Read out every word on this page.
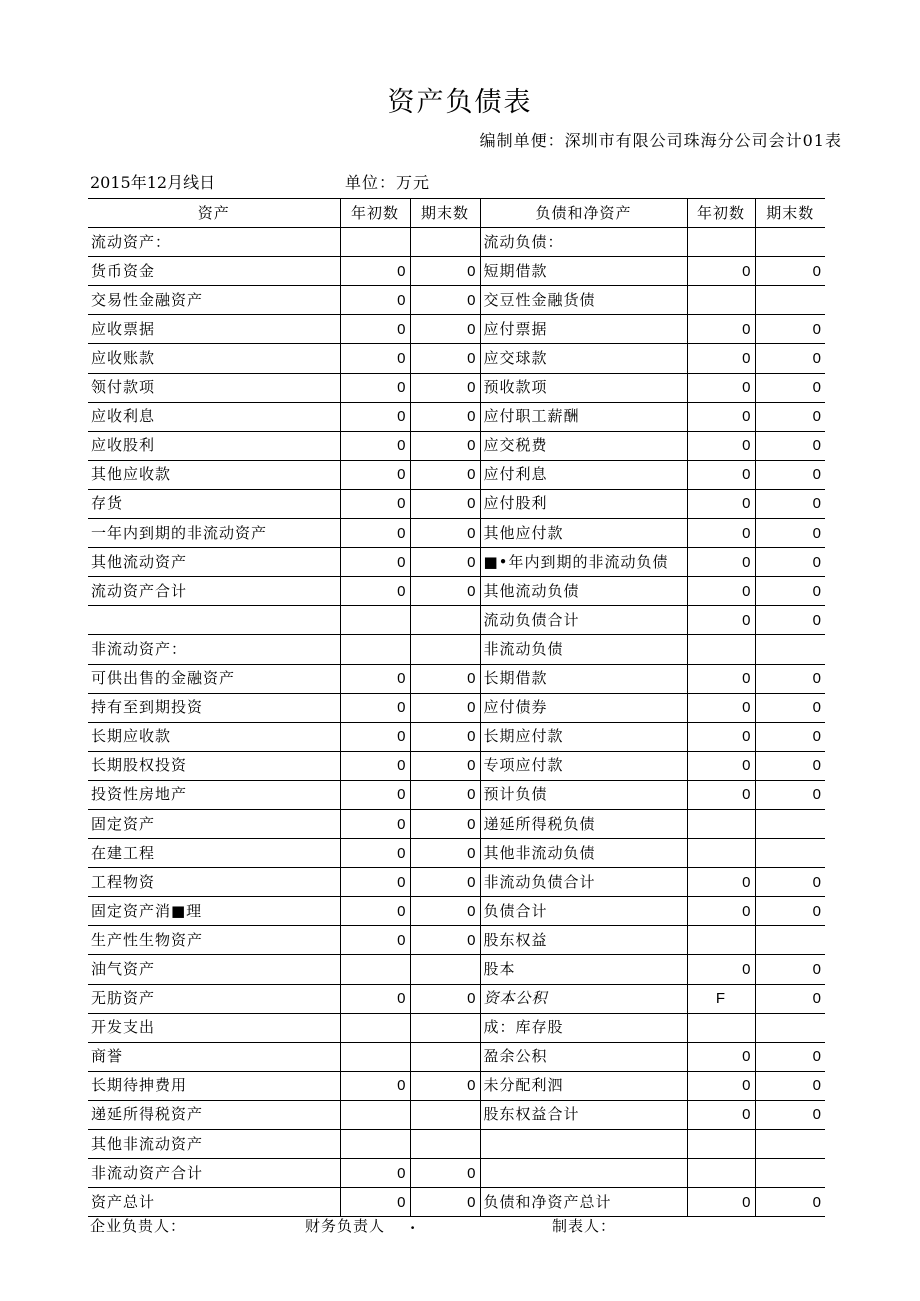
资产负债表
编制单便：深圳市有限公司珠海分公司会计01表
2015年12月线日	单位：万元
资产	年初数	期末数	负债和净资产	年初数	期末数
流动资产：			流动负债：		
货币资金	0	0	短期借款	0	0
交易性金融资产	0	0	交豆性金融货债		
应收票据	0	0	应付票据	0	0
应收账款	0	0	应交球款	0	0
领付款项	0	0	预收款项	0	0
应收利息	0	0	应付职工薪酬	0	0
应收股利	0	0	应交税费	0	0
其他应收款	0	0	应付利息	0	0
存货	0	0	应付股利	0	0
一年内到期的非流动资产	0	0	其他应付款	0	0
其他流动资产	0	0	■•年内到期的非流动负债	0	0
流动资产合计	0	0	其他流动负债	0	0
			流动负债合计	0	0
非流动资产：			非流动负债		
可供出售的金融资产	0	0	长期借款	0	0
持有至到期投资	0	0	应付债券	0	0
长期应收款	0	0	长期应付款	0	0
长期股权投资	0	0	专项应付款	0	0
投资性房地产	0	0	预计负债	0	0
固定资产	0	0	递延所得税负债		
在建工程	0	0	其他非流动负债		
工程物资	0	0	非流动负债合计	0	0
固定资产消■理	0	0	负债合计	0	0
生产性生物资产	0	0	股东权益		
油气资产			股本	0	0
无肪资产	0	0	资本公积	F	0
开发支出			成：库存股		
商誉			盈余公积	0	0
长期待抻费用	0	0	未分配利泗	0	0
递延所得税资产			股东权益合计	0	0
其他非流动资产					
非流动资产合计	0	0			
资产总计	0	0	负债和净资产总计	0	0
企业负贵人：	财务负责人 .	制表人：
